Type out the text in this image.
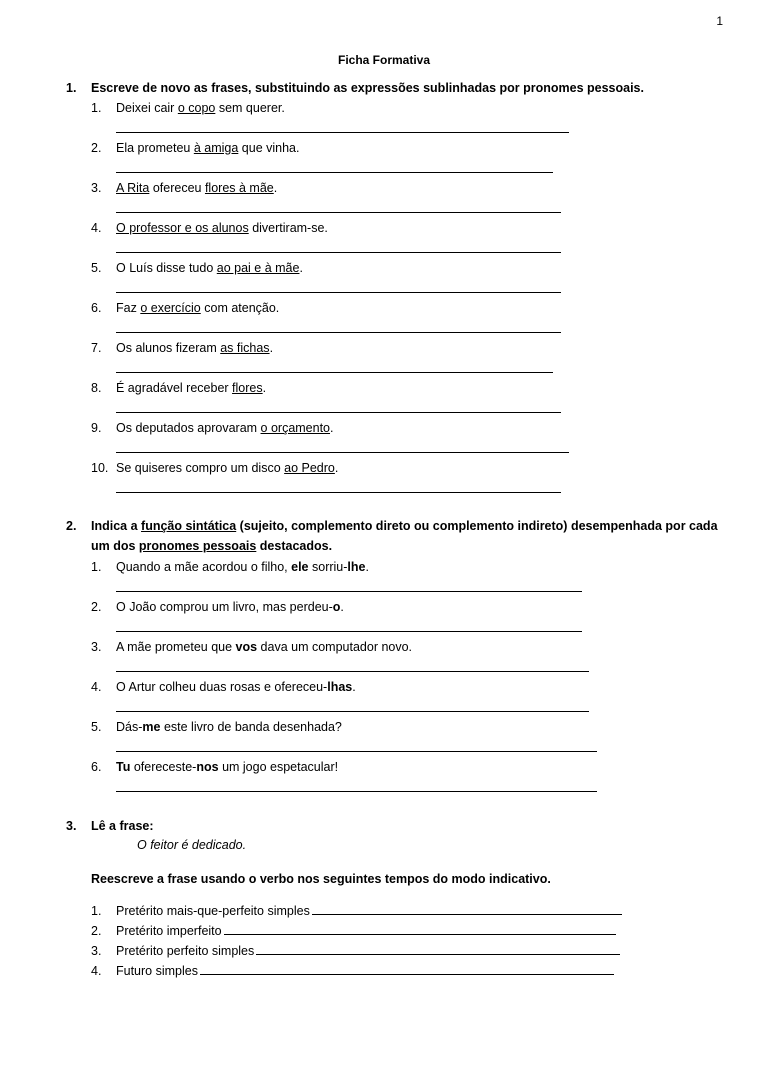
1
Ficha Formativa
1. Escreve de novo as frases, substituindo as expressões sublinhadas por pronomes pessoais.
1. Deixei cair o copo sem querer.
2. Ela prometeu à amiga que vinha.
3. A Rita ofereceu flores à mãe.
4. O professor e os alunos divertiram-se.
5. O Luís disse tudo ao pai e à mãe.
6. Faz o exercício com atenção.
7. Os alunos fizeram as fichas.
8. É agradável receber flores.
9. Os deputados aprovaram o orçamento.
10. Se quiseres compro um disco ao Pedro.
2. Indica a função sintática (sujeito, complemento direto ou complemento indireto) desempenhada por cada
um dos pronomes pessoais destacados.
1. Quando a mãe acordou o filho, ele sorriu-lhe.
2. O João comprou um livro, mas perdeu-o.
3. A mãe prometeu que vos dava um computador novo.
4. O Artur colheu duas rosas e ofereceu-lhas.
5. Dás-me este livro de banda desenhada?
6. Tu ofereceste-nos um jogo espetacular!
3. Lê a frase:
O feitor é dedicado.
Reescreve a frase usando o verbo nos seguintes tempos do modo indicativo.
1.	Pretérito mais-que-perfeito simples
2.	Pretérito imperfeito
3.	Pretérito perfeito simples
4.	Futuro simples
